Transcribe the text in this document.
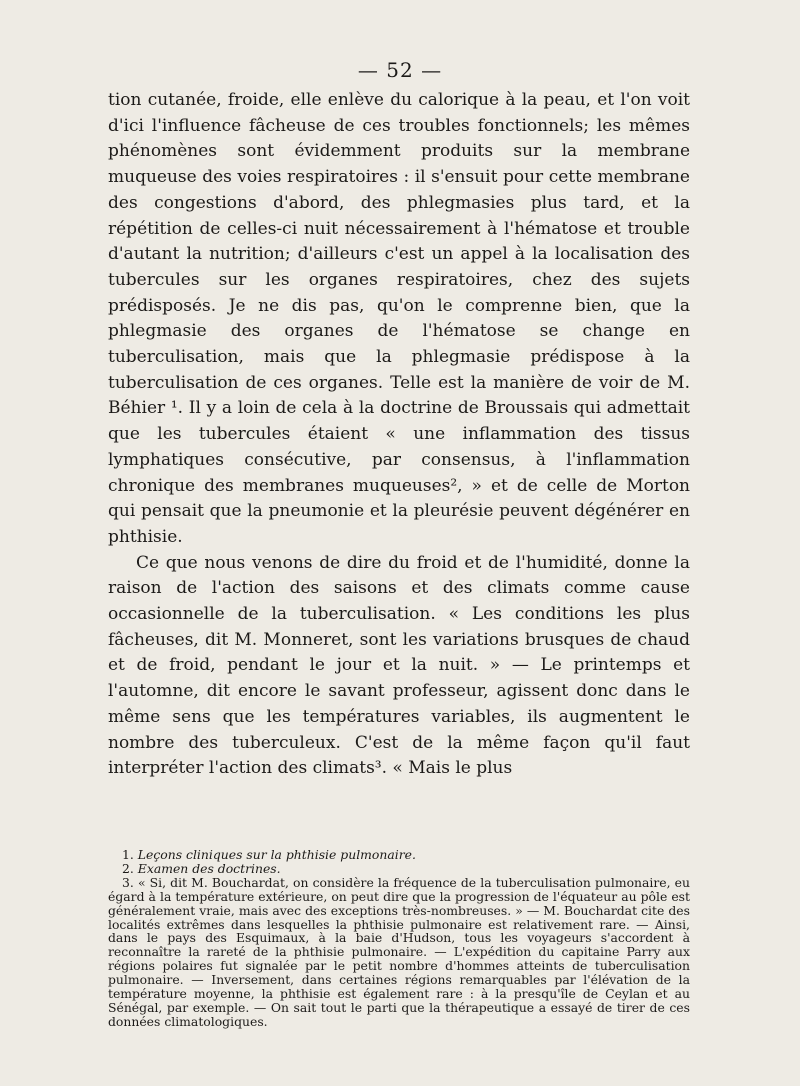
— 52 —

tion cutanée, froide, elle enlève du calorique à la peau, et l'on voit d'ici l'influence fâcheuse de ces troubles fonctionnels; les mêmes phénomènes sont évidemment produits sur la membrane muqueuse des voies respiratoires : il s'ensuit pour cette membrane des congestions d'abord, des phlegmasies plus tard, et la répétition de celles-ci nuit nécessairement à l'hématose et trouble d'autant la nutrition; d'ailleurs c'est un appel à la localisation des tubercules sur les organes respiratoires, chez des sujets prédisposés. Je ne dis pas, qu'on le comprenne bien, que la phlegmasie des organes de l'hématose se change en tuberculisation, mais que la phlegmasie prédispose à la tuberculisation de ces organes. Telle est la manière de voir de M. Béhier ¹. Il y a loin de cela à la doctrine de Broussais qui admettait que les tubercules étaient « une inflammation des tissus lymphatiques consécutive, par consensus, à l'inflammation chronique des membranes muqueuses², » et de celle de Morton qui pensait que la pneumonie et la pleurésie peuvent dégénérer en phthisie.

Ce que nous venons de dire du froid et de l'humidité, donne la raison de l'action des saisons et des climats comme cause occasionnelle de la tuberculisation. « Les conditions les plus fâcheuses, dit M. Monneret, sont les variations brusques de chaud et de froid, pendant le jour et la nuit. » — Le printemps et l'automne, dit encore le savant professeur, agissent donc dans le même sens que les températures variables, ils augmentent le nombre des tuberculeux. C'est de la même façon qu'il faut interpréter l'action des climats³. « Mais le plus

1. Leçons cliniques sur la phthisie pulmonaire.

2. Examen des doctrines.

3. « Si, dit M. Bouchardat, on considère la fréquence de la tuberculisation pulmonaire, eu égard à la température extérieure, on peut dire que la progression de l'équateur au pôle est généralement vraie, mais avec des exceptions très-nombreuses. » — M. Bouchardat cite des localités extrêmes dans lesquelles la phthisie pulmonaire est relativement rare. — Ainsi, dans le pays des Esquimaux, à la baie d'Hudson, tous les voyageurs s'accordent à reconnaître la rareté de la phthisie pulmonaire. — L'expédition du capitaine Parry aux régions polaires fut signalée par le petit nombre d'hommes atteints de tuberculisation pulmonaire. — Inversement, dans certaines régions remarquables par l'élévation de la température moyenne, la phthisie est également rare : à la presqu'île de Ceylan et au Sénégal, par exemple. — On sait tout le parti que la thérapeutique a essayé de tirer de ces données climatologiques.
